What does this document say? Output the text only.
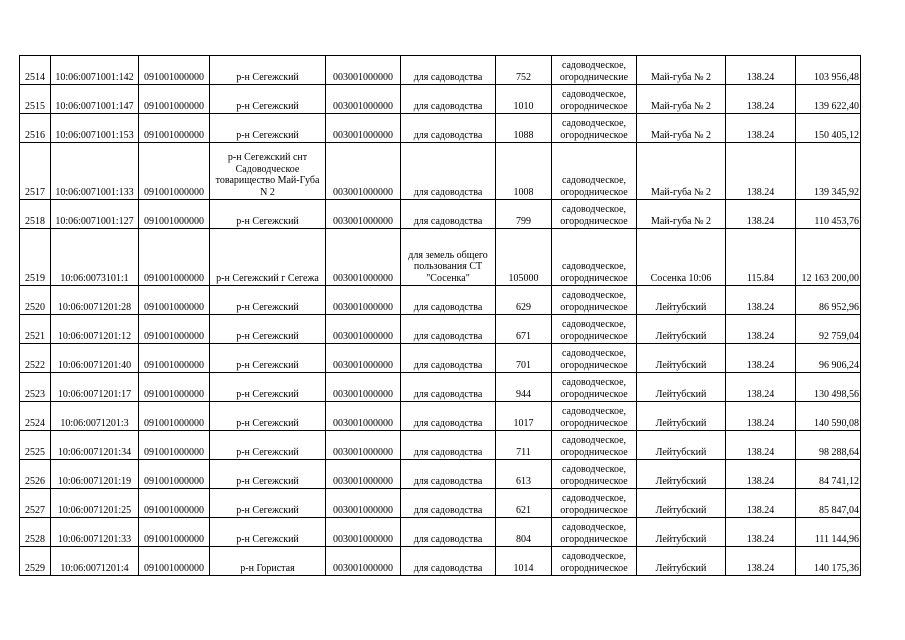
2514	10:06:0071001:142	091001000000	р-н Сегежский	003001000000	для садоводства	752	садоводческое, огороднические	Май-губа № 2	138.24	103 956,48
2515	10:06:0071001:147	091001000000	р-н Сегежский	003001000000	для садоводства	1010	садоводческое, огородническое	Май-губа № 2	138.24	139 622,40
2516	10:06:0071001:153	091001000000	р-н Сегежский	003001000000	для садоводства	1088	садоводческое, огородническое	Май-губа № 2	138.24	150 405,12
2517	10:06:0071001:133	091001000000	р-н Сегежский снт Садоводческое товарищество Май-Губа N 2	003001000000	для садоводства	1008	садоводческое, огородническое	Май-губа № 2	138.24	139 345,92
2518	10:06:0071001:127	091001000000	р-н Сегежский	003001000000	для садоводства	799	садоводческое, огородническое	Май-губа № 2	138.24	110 453,76
2519	10:06:0073101:1	091001000000	р-н Сегежский г Сегежа	003001000000	для земель общего пользования СТ "Сосенка"	105000	садоводческое, огородническое	Сосенка 10:06	115.84	12 163 200,00
2520	10:06:0071201:28	091001000000	р-н Сегежский	003001000000	для садоводства	629	садоводческое, огородническое	Лейтубский	138.24	86 952,96
2521	10:06:0071201:12	091001000000	р-н Сегежский	003001000000	для садоводства	671	садоводческое, огородническое	Лейтубский	138.24	92 759,04
2522	10:06:0071201:40	091001000000	р-н Сегежский	003001000000	для садоводства	701	садоводческое, огородническое	Лейтубский	138.24	96 906,24
2523	10:06:0071201:17	091001000000	р-н Сегежский	003001000000	для садоводства	944	садоводческое, огородническое	Лейтубский	138.24	130 498,56
2524	10:06:0071201:3	091001000000	р-н Сегежский	003001000000	для садоводства	1017	садоводческое, огородническое	Лейтубский	138.24	140 590,08
2525	10:06:0071201:34	091001000000	р-н Сегежский	003001000000	для садоводства	711	садоводческое, огородническое	Лейтубский	138.24	98 288,64
2526	10:06:0071201:19	091001000000	р-н Сегежский	003001000000	для садоводства	613	садоводческое, огородническое	Лейтубский	138.24	84 741,12
2527	10:06:0071201:25	091001000000	р-н Сегежский	003001000000	для садоводства	621	садоводческое, огородническое	Лейтубский	138.24	85 847,04
2528	10:06:0071201:33	091001000000	р-н Сегежский	003001000000	для садоводства	804	садоводческое, огородническое	Лейтубский	138.24	111 144,96
2529	10:06:0071201:4	091001000000	р-н Гористая	003001000000	для садоводства	1014	садоводческое, огородническое	Лейтубский	138.24	140 175,36
